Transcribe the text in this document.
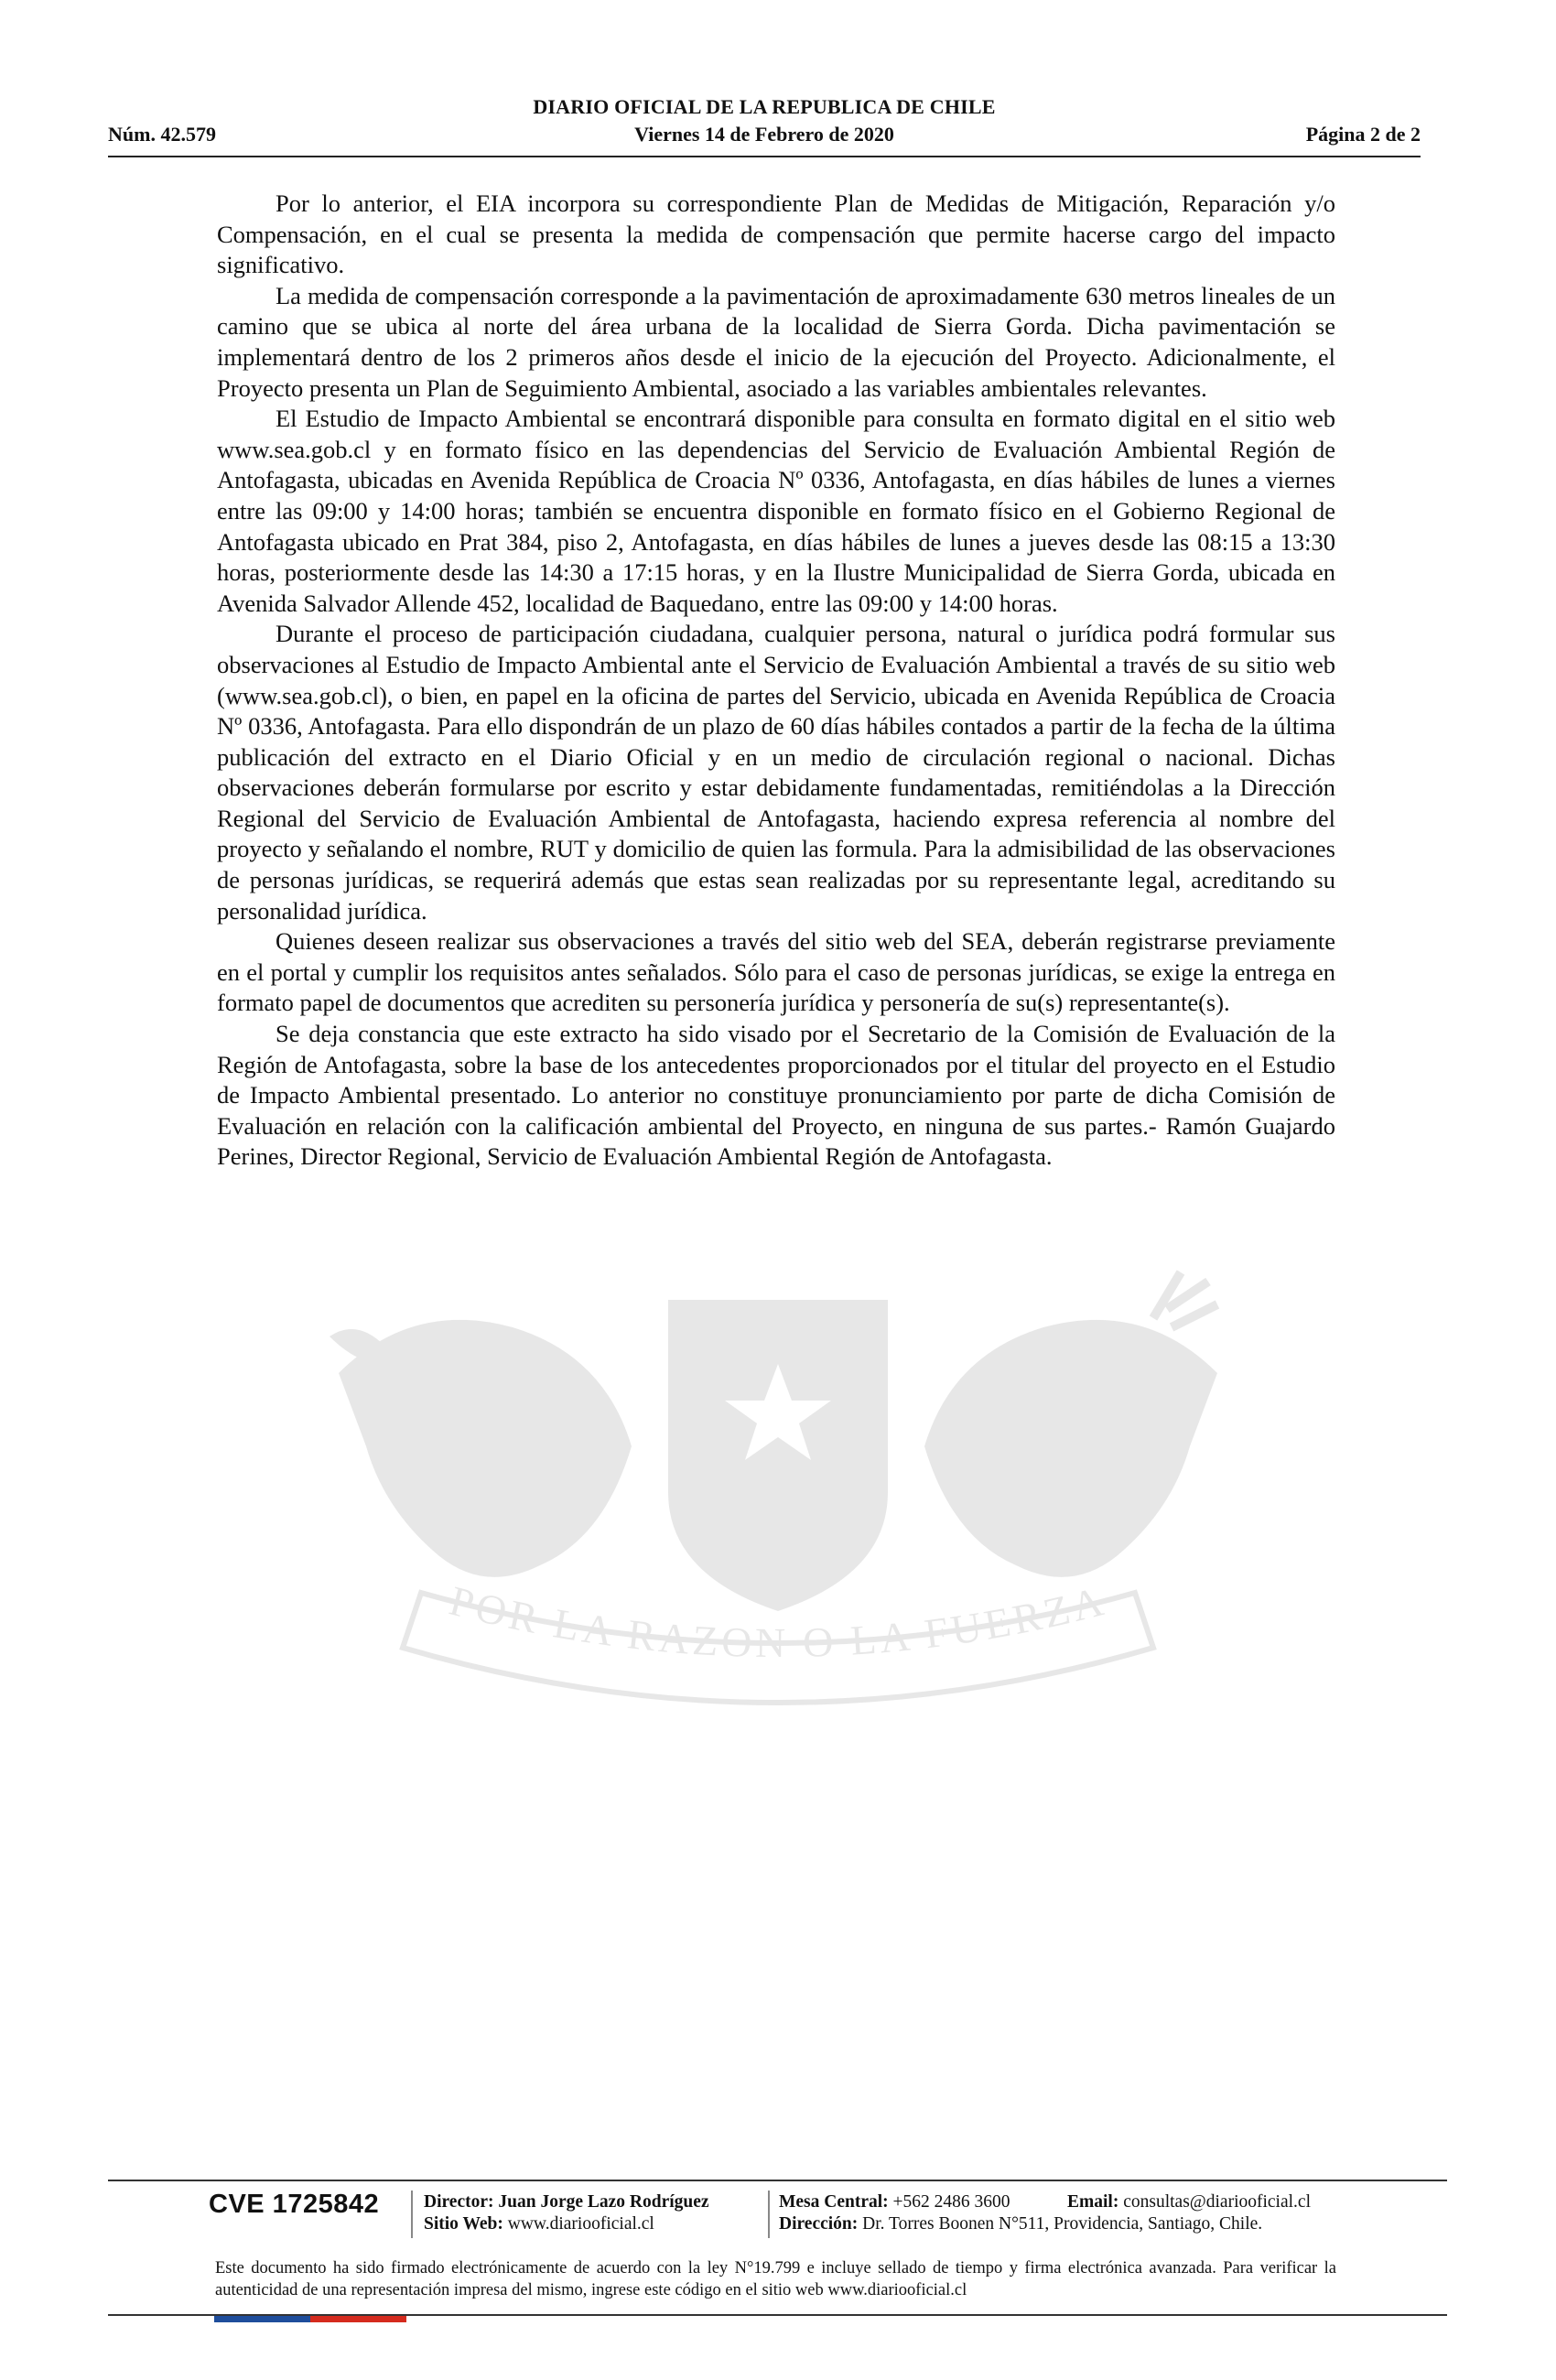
DIARIO OFICIAL DE LA REPUBLICA DE CHILE
Núm. 42.579	Viernes 14 de Febrero de 2020	Página 2 de 2
POR LA RAZON O LA FUERZA

Por lo anterior, el EIA incorpora su correspondiente Plan de Medidas de Mitigación, Reparación y/o Compensación, en el cual se presenta la medida de compensación que permite hacerse cargo del impacto significativo.

La medida de compensación corresponde a la pavimentación de aproximadamente 630 metros lineales de un camino que se ubica al norte del área urbana de la localidad de Sierra Gorda. Dicha pavimentación se implementará dentro de los 2 primeros años desde el inicio de la ejecución del Proyecto. Adicionalmente, el Proyecto presenta un Plan de Seguimiento Ambiental, asociado a las variables ambientales relevantes.

El Estudio de Impacto Ambiental se encontrará disponible para consulta en formato digital en el sitio web www.sea.gob.cl y en formato físico en las dependencias del Servicio de Evaluación Ambiental Región de Antofagasta, ubicadas en Avenida República de Croacia Nº 0336, Antofagasta, en días hábiles de lunes a viernes entre las 09:00 y 14:00 horas; también se encuentra disponible en formato físico en el Gobierno Regional de Antofagasta ubicado en Prat 384, piso 2, Antofagasta, en días hábiles de lunes a jueves desde las 08:15 a 13:30 horas, posteriormente desde las 14:30 a 17:15 horas, y en la Ilustre Municipalidad de Sierra Gorda, ubicada en Avenida Salvador Allende 452, localidad de Baquedano, entre las 09:00 y 14:00 horas.

Durante el proceso de participación ciudadana, cualquier persona, natural o jurídica podrá formular sus observaciones al Estudio de Impacto Ambiental ante el Servicio de Evaluación Ambiental a través de su sitio web (www.sea.gob.cl), o bien, en papel en la oficina de partes del Servicio, ubicada en Avenida República de Croacia Nº 0336, Antofagasta. Para ello dispondrán de un plazo de 60 días hábiles contados a partir de la fecha de la última publicación del extracto en el Diario Oficial y en un medio de circulación regional o nacional. Dichas observaciones deberán formularse por escrito y estar debidamente fundamentadas, remitiéndolas a la Dirección Regional del Servicio de Evaluación Ambiental de Antofagasta, haciendo expresa referencia al nombre del proyecto y señalando el nombre, RUT y domicilio de quien las formula. Para la admisibilidad de las observaciones de personas jurídicas, se requerirá además que estas sean realizadas por su representante legal, acreditando su personalidad jurídica.

Quienes deseen realizar sus observaciones a través del sitio web del SEA, deberán registrarse previamente en el portal y cumplir los requisitos antes señalados. Sólo para el caso de personas jurídicas, se exige la entrega en formato papel de documentos que acrediten su personería jurídica y personería de su(s) representante(s).

Se deja constancia que este extracto ha sido visado por el Secretario de la Comisión de Evaluación de la Región de Antofagasta, sobre la base de los antecedentes proporcionados por el titular del proyecto en el Estudio de Impacto Ambiental presentado. Lo anterior no constituye pronunciamiento por parte de dicha Comisión de Evaluación en relación con la calificación ambiental del Proyecto, en ninguna de sus partes.- Ramón Guajardo Perines, Director Regional, Servicio de Evaluación Ambiental Región de Antofagasta.

CVE 1725842	Director: Juan Jorge Lazo Rodríguez
Sitio Web: www.diariooficial.cl
Mesa Central: +562 2486 3600	Email: consultas@diariooficial.cl
Dirección: Dr. Torres Boonen N°511, Providencia, Santiago, Chile.
Este documento ha sido firmado electrónicamente de acuerdo con la ley N°19.799 e incluye sellado de tiempo y firma electrónica avanzada. Para verificar la autenticidad de una representación impresa del mismo, ingrese este código en el sitio web www.diariooficial.cl
